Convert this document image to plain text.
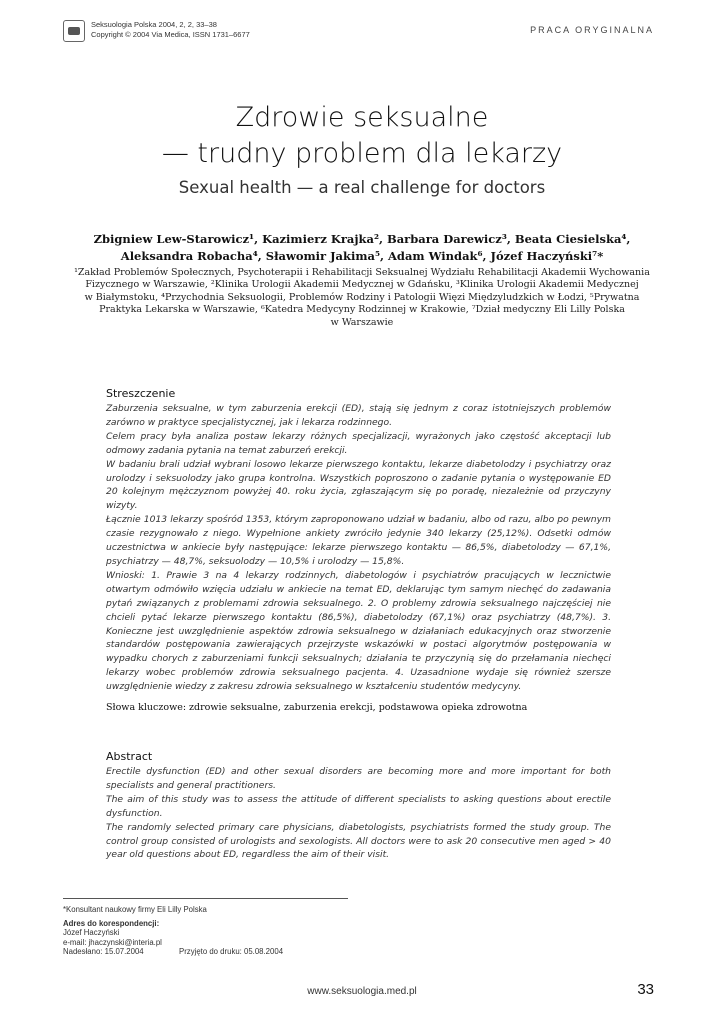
Seksuologia Polska 2004, 2, 2, 33–38
Copyright © 2004 Via Medica, ISSN 1731–6677	PRACA ORYGINALNA
Zdrowie seksualne
— trudny problem dla lekarzy
Sexual health — a real challenge for doctors
Zbigniew Lew-Starowicz¹, Kazimierz Krajka², Barbara Darewicz³, Beata Ciesielska⁴,
Aleksandra Robacha⁴, Sławomir Jakima⁵, Adam Windak⁶, Józef Haczyński⁷*
¹Zakład Problemów Społecznych, Psychoterapii i Rehabilitacji Seksualnej Wydziału Rehabilitacji Akademii Wychowania
Fizycznego w Warszawie, ²Klinika Urologii Akademii Medycznej w Gdańsku, ³Klinika Urologii Akademii Medycznej
w Białymstoku, ⁴Przychodnia Seksuologii, Problemów Rodziny i Patologii Więzi Międzyludzkich w Łodzi, ⁵Prywatna
Praktyka Lekarska w Warszawie, ⁶Katedra Medycyny Rodzinnej w Krakowie, ⁷Dział medyczny Eli Lilly Polska
w Warszawie
Streszczenie

Zaburzenia seksualne, w tym zaburzenia erekcji (ED), stają się jednym z coraz istotniejszych problemów zarówno w praktyce specjalistycznej, jak i lekarza rodzinnego.

Celem pracy była analiza postaw lekarzy różnych specjalizacji, wyrażonych jako częstość akceptacji lub odmowy zadania pytania na temat zaburzeń erekcji.

W badaniu brali udział wybrani losowo lekarze pierwszego kontaktu, lekarze diabetolodzy i psychiatrzy oraz urolodzy i seksuolodzy jako grupa kontrolna. Wszystkich poproszono o zadanie pytania o występowanie ED 20 kolejnym mężczyznom powyżej 40. roku życia, zgłaszającym się po poradę, niezależnie od przyczyny wizyty.

Łącznie 1013 lekarzy spośród 1353, którym zaproponowano udział w badaniu, albo od razu, albo po pewnym czasie rezygnowało z niego. Wypełnione ankiety zwróciło jedynie 340 lekarzy (25,12%). Odsetki odmów uczestnictwa w ankiecie były następujące: lekarze pierwszego kontaktu — 86,5%, diabetolodzy — 67,1%, psychiatrzy — 48,7%, seksuolodzy — 10,5% i urolodzy — 15,8%.

Wnioski: 1. Prawie 3 na 4 lekarzy rodzinnych, diabetologów i psychiatrów pracujących w lecznictwie otwartym odmówiło wzięcia udziału w ankiecie na temat ED, deklarując tym samym niechęć do zadawania pytań związanych z problemami zdrowia seksualnego. 2. O problemy zdrowia seksualnego najczęściej nie chcieli pytać lekarze pierwszego kontaktu (86,5%), diabetolodzy (67,1%) oraz psychiatrzy (48,7%). 3. Konieczne jest uwzględnienie aspektów zdrowia seksualnego w działaniach edukacyjnych oraz stworzenie standardów postępowania zawierających przejrzyste wskazówki w postaci algorytmów postępowania w wypadku chorych z zaburzeniami funkcji seksualnych; działania te przyczynią się do przełamania niechęci lekarzy wobec problemów zdrowia seksualnego pacjenta. 4. Uzasadnione wydaje się również szersze uwzględnienie wiedzy z zakresu zdrowia seksualnego w kształceniu studentów medycyny.

Słowa kluczowe: zdrowie seksualne, zaburzenia erekcji, podstawowa opieka zdrowotna
Abstract

Erectile dysfunction (ED) and other sexual disorders are becoming more and more important for both specialists and general practitioners.

The aim of this study was to assess the attitude of different specialists to asking questions about erectile dysfunction.

The randomly selected primary care physicians, diabetologists, psychiatrists formed the study group. The control group consisted of urologists and sexologists. All doctors were to ask 20 consecutive men aged > 40 year old questions about ED, regardless the aim of their visit.

*Konsultant naukowy firmy Eli Lilly Polska
Adres do korespondencji:
Józef Haczyński
e-mail: jhaczynski@interia.pl
Nadesłano: 15.07.2004	Przyjęto do druku: 05.08.2004
www.seksuologia.med.pl	33
